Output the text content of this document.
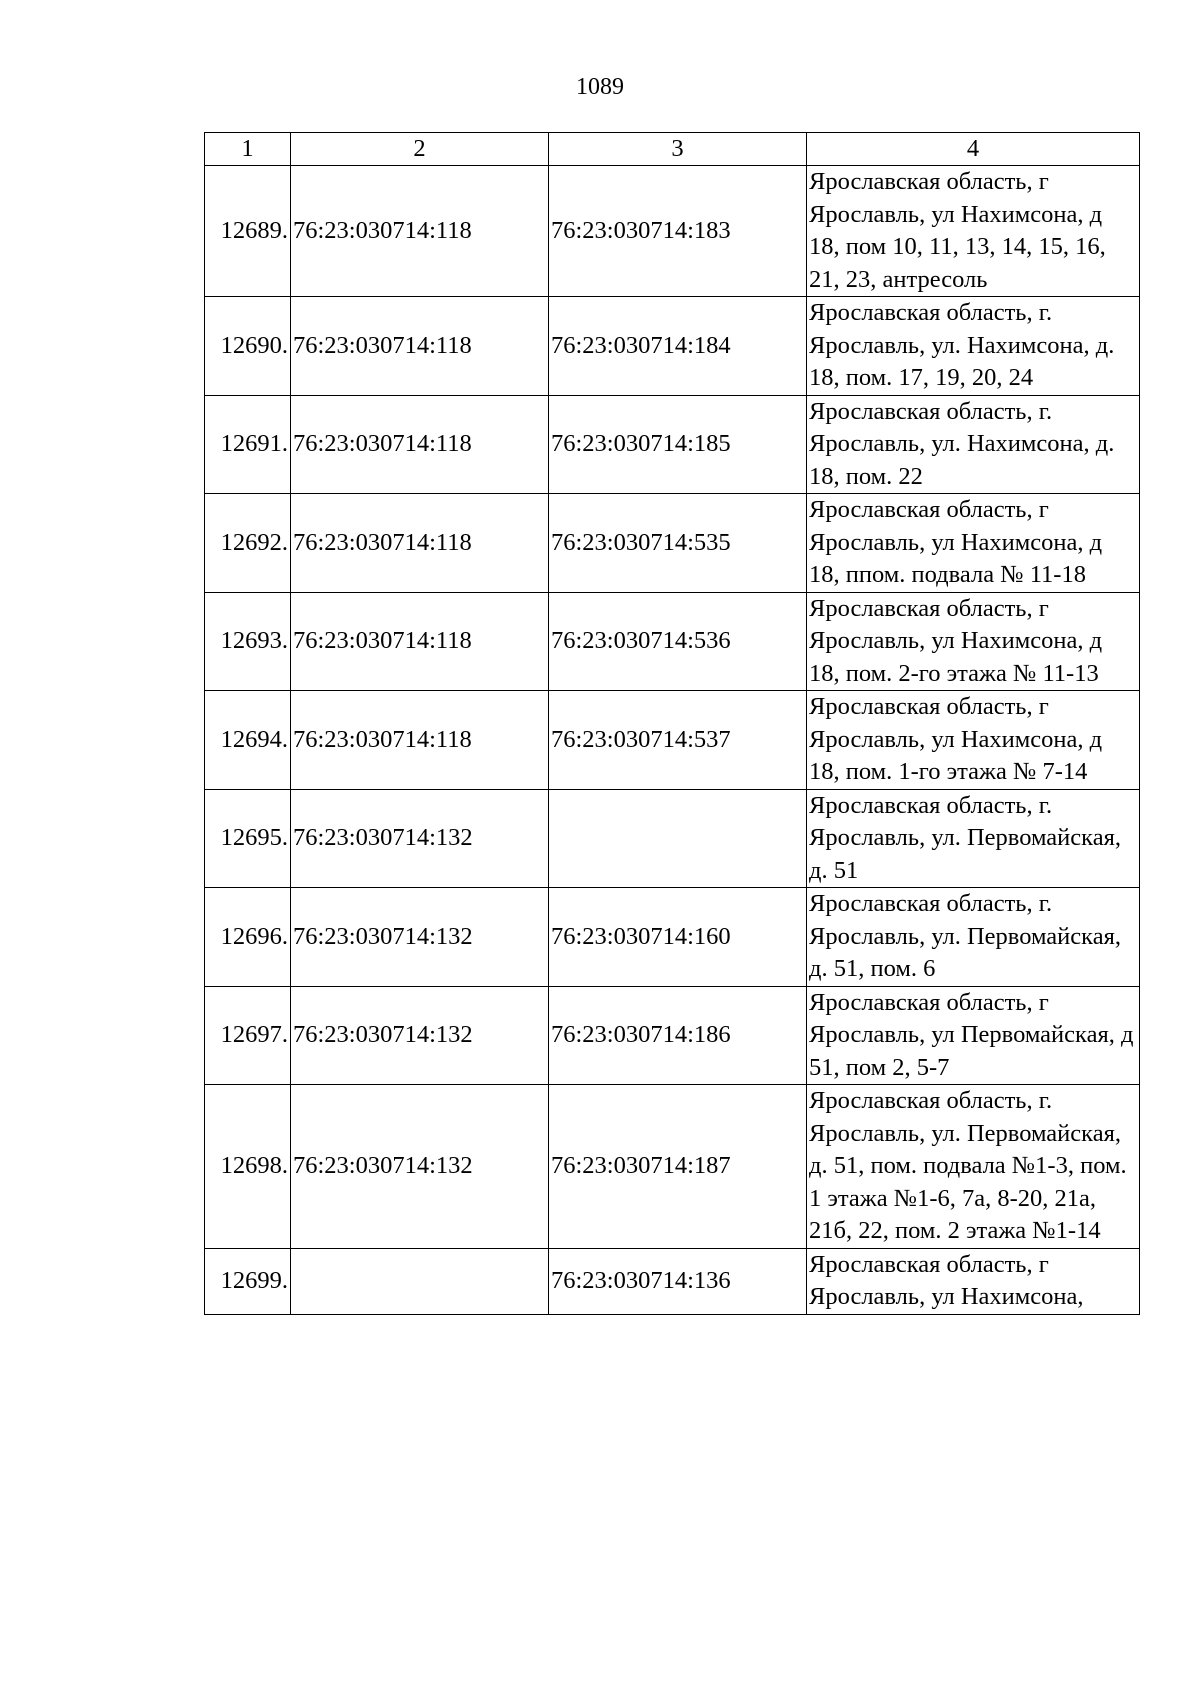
1089
1	2	3	4
12689.	76:23:030714:118	76:23:030714:183	Ярославская область, г Ярославль, ул Нахимсона, д 18, пом 10, 11, 13, 14, 15, 16, 21, 23, антресоль
12690.	76:23:030714:118	76:23:030714:184	Ярославская область, г. Ярославль, ул. Нахимсона, д. 18, пом. 17, 19, 20, 24
12691.	76:23:030714:118	76:23:030714:185	Ярославская область, г. Ярославль, ул. Нахимсона, д. 18, пом. 22
12692.	76:23:030714:118	76:23:030714:535	Ярославская область, г Ярославль, ул Нахимсона, д 18, ппом. подвала № 11-18
12693.	76:23:030714:118	76:23:030714:536	Ярославская область, г Ярославль, ул Нахимсона, д 18, пом. 2-го этажа № 11-13
12694.	76:23:030714:118	76:23:030714:537	Ярославская область, г Ярославль, ул Нахимсона, д 18, пом. 1-го этажа № 7-14
12695.	76:23:030714:132		Ярославская область, г. Ярославль, ул. Первомайская, д. 51
12696.	76:23:030714:132	76:23:030714:160	Ярославская область, г. Ярославль, ул. Первомайская, д. 51, пом. 6
12697.	76:23:030714:132	76:23:030714:186	Ярославская область, г Ярославль, ул Первомайская, д 51, пом 2, 5-7
12698.	76:23:030714:132	76:23:030714:187	Ярославская область, г. Ярославль, ул. Первомайская, д. 51, пом. подвала №1-3, пом. 1 этажа №1-6, 7а, 8-20, 21а, 21б, 22, пом. 2 этажа №1-14
12699.		76:23:030714:136	Ярославская область, г Ярославль, ул Нахимсона,
